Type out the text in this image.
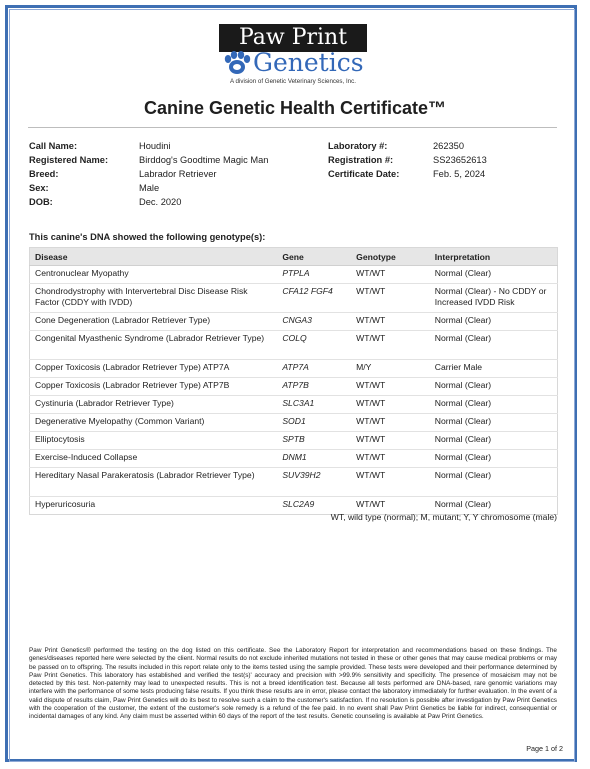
Paw Print
Genetics
A division of Genetic Veterinary Sciences, Inc.
Canine Genetic Health Certificate™
Call Name:	Houdini
Registered Name:	Birddog's Goodtime Magic Man
Breed:	Labrador Retriever
Sex:	Male
DOB:	Dec. 2020
Laboratory #:	262350
Registration #:	SS23652613
Certificate Date:	Feb. 5, 2024
This canine's DNA showed the following genotype(s):
Disease	Gene	Genotype	Interpretation
Centronuclear Myopathy	PTPLA	WT/WT	Normal (Clear)
Chondrodystrophy with Intervertebral Disc Disease Risk Factor (CDDY with IVDD)	CFA12 FGF4	WT/WT	Normal (Clear) - No CDDY or Increased IVDD Risk
Cone Degeneration (Labrador Retriever Type)	CNGA3	WT/WT	Normal (Clear)
Congenital Myasthenic Syndrome (Labrador Retriever Type)	COLQ	WT/WT	Normal (Clear)
Copper Toxicosis (Labrador Retriever Type) ATP7A	ATP7A	M/Y	Carrier Male
Copper Toxicosis (Labrador Retriever Type) ATP7B	ATP7B	WT/WT	Normal (Clear)
Cystinuria (Labrador Retriever Type)	SLC3A1	WT/WT	Normal (Clear)
Degenerative Myelopathy (Common Variant)	SOD1	WT/WT	Normal (Clear)
Elliptocytosis	SPTB	WT/WT	Normal (Clear)
Exercise-Induced Collapse	DNM1	WT/WT	Normal (Clear)
Hereditary Nasal Parakeratosis (Labrador Retriever Type)	SUV39H2	WT/WT	Normal (Clear)
Hyperuricosuria	SLC2A9	WT/WT	Normal (Clear)
WT, wild type (normal); M, mutant; Y, Y chromosome (male)
Paw Print Genetics® performed the testing on the dog listed on this certificate. See the Laboratory Report for interpretation and recommendations based on these findings. The genes/diseases reported here were selected by the client. Normal results do not exclude inherited mutations not tested in these or other genes that may cause medical problems or may be passed on to offspring. The results included in this report relate only to the items tested using the sample provided. These tests were developed and their performance determined by Paw Print Genetics. This laboratory has established and verified the test(s)' accuracy and precision with >99.9% sensitivity and specificity. The presence of mosaicism may not be detected by this test. Non-paternity may lead to unexpected results. This is not a breed identification test. Because all tests performed are DNA-based, rare genomic variations may interfere with the performance of some tests producing false results. If you think these results are in error, please contact the laboratory immediately for further evaluation. In the event of a valid dispute of results claim, Paw Print Genetics will do its best to resolve such a claim to the customer's satisfaction. If no resolution is possible after investigation by Paw Print Genetics with the cooperation of the customer, the extent of the customer's sole remedy is a refund of the fee paid. In no event shall Paw Print Genetics be liable for indirect, consequential or incidental damages of any kind. Any claim must be asserted within 60 days of the report of the test results. Genetic counseling is available at Paw Print Genetics.
Page 1 of 2
